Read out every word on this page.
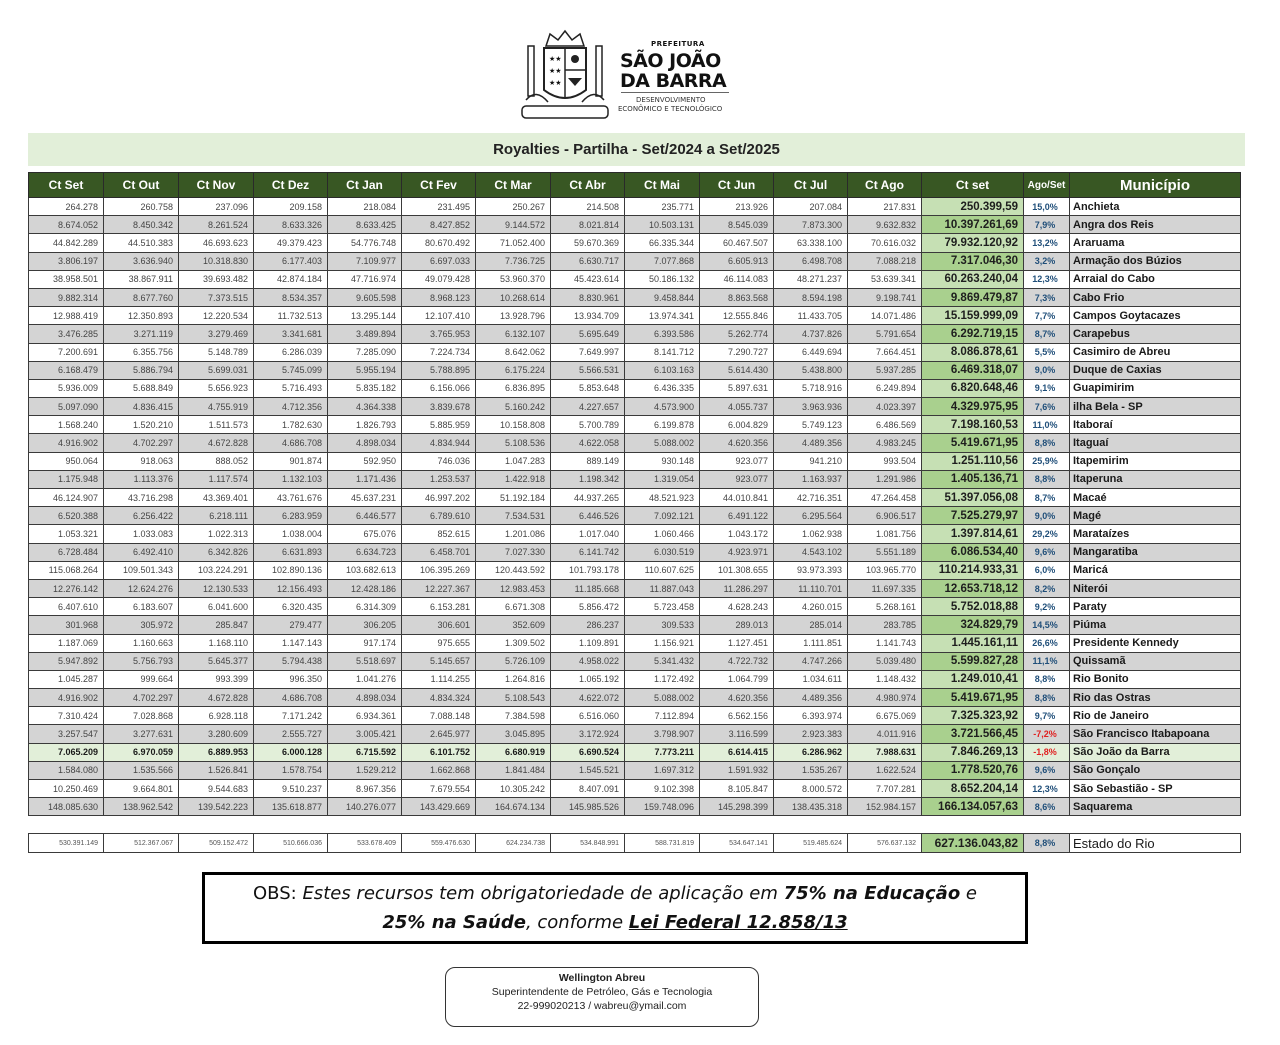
★★
★★
★★
PREFEITURA
SÃO JOÃO
DA BARRA
DESENVOLVIMENTO
ECONÔMICO E TECNOLÓGICO
Royalties - Partilha - Set/2024 a Set/2025
Ct Set	Ct Out	Ct Nov	Ct Dez	Ct Jan	Ct Fev	Ct Mar	Ct Abr	Ct Mai	Ct Jun	Ct Jul	Ct Ago	Ct set	Ago/Set	Município
264.278	260.758	237.096	209.158	218.084	231.495	250.267	214.508	235.771	213.926	207.084	217.831	250.399,59	15,0%	Anchieta
8.674.052	8.450.342	8.261.524	8.633.326	8.633.425	8.427.852	9.144.572	8.021.814	10.503.131	8.545.039	7.873.300	9.632.832	10.397.261,69	7,9%	Angra dos Reis
44.842.289	44.510.383	46.693.623	49.379.423	54.776.748	80.670.492	71.052.400	59.670.369	66.335.344	60.467.507	63.338.100	70.616.032	79.932.120,92	13,2%	Araruama
3.806.197	3.636.940	10.318.830	6.177.403	7.109.977	6.697.033	7.736.725	6.630.717	7.077.868	6.605.913	6.498.708	7.088.218	7.317.046,30	3,2%	Armação dos Búzios
38.958.501	38.867.911	39.693.482	42.874.184	47.716.974	49.079.428	53.960.370	45.423.614	50.186.132	46.114.083	48.271.237	53.639.341	60.263.240,04	12,3%	Arraial do Cabo
9.882.314	8.677.760	7.373.515	8.534.357	9.605.598	8.968.123	10.268.614	8.830.961	9.458.844	8.863.568	8.594.198	9.198.741	9.869.479,87	7,3%	Cabo Frio
12.988.419	12.350.893	12.220.534	11.732.513	13.295.144	12.107.410	13.928.796	13.934.709	13.974.341	12.555.846	11.433.705	14.071.486	15.159.999,09	7,7%	Campos Goytacazes
3.476.285	3.271.119	3.279.469	3.341.681	3.489.894	3.765.953	6.132.107	5.695.649	6.393.586	5.262.774	4.737.826	5.791.654	6.292.719,15	8,7%	Carapebus
7.200.691	6.355.756	5.148.789	6.286.039	7.285.090	7.224.734	8.642.062	7.649.997	8.141.712	7.290.727	6.449.694	7.664.451	8.086.878,61	5,5%	Casimiro de Abreu
6.168.479	5.886.794	5.699.031	5.745.099	5.955.194	5.788.895	6.175.224	5.566.531	6.103.163	5.614.430	5.438.800	5.937.285	6.469.318,07	9,0%	Duque de Caxias
5.936.009	5.688.849	5.656.923	5.716.493	5.835.182	6.156.066	6.836.895	5.853.648	6.436.335	5.897.631	5.718.916	6.249.894	6.820.648,46	9,1%	Guapimirim
5.097.090	4.836.415	4.755.919	4.712.356	4.364.338	3.839.678	5.160.242	4.227.657	4.573.900	4.055.737	3.963.936	4.023.397	4.329.975,95	7,6%	ilha Bela - SP
1.568.240	1.520.210	1.511.573	1.782.630	1.826.793	5.885.959	10.158.808	5.700.789	6.199.878	6.004.829	5.749.123	6.486.569	7.198.160,53	11,0%	Itaboraí
4.916.902	4.702.297	4.672.828	4.686.708	4.898.034	4.834.944	5.108.536	4.622.058	5.088.002	4.620.356	4.489.356	4.983.245	5.419.671,95	8,8%	Itaguaí
950.064	918.063	888.052	901.874	592.950	746.036	1.047.283	889.149	930.148	923.077	941.210	993.504	1.251.110,56	25,9%	Itapemirim
1.175.948	1.113.376	1.117.574	1.132.103	1.171.436	1.253.537	1.422.918	1.198.342	1.319.054	923.077	1.163.937	1.291.986	1.405.136,71	8,8%	Itaperuna
46.124.907	43.716.298	43.369.401	43.761.676	45.637.231	46.997.202	51.192.184	44.937.265	48.521.923	44.010.841	42.716.351	47.264.458	51.397.056,08	8,7%	Macaé
6.520.388	6.256.422	6.218.111	6.283.959	6.446.577	6.789.610	7.534.531	6.446.526	7.092.121	6.491.122	6.295.564	6.906.517	7.525.279,97	9,0%	Magé
1.053.321	1.033.083	1.022.313	1.038.004	675.076	852.615	1.201.086	1.017.040	1.060.466	1.043.172	1.062.938	1.081.756	1.397.814,61	29,2%	Marataízes
6.728.484	6.492.410	6.342.826	6.631.893	6.634.723	6.458.701	7.027.330	6.141.742	6.030.519	4.923.971	4.543.102	5.551.189	6.086.534,40	9,6%	Mangaratiba
115.068.264	109.501.343	103.224.291	102.890.136	103.682.613	106.395.269	120.443.592	101.793.178	110.607.625	101.308.655	93.973.393	103.965.770	110.214.933,31	6,0%	Maricá
12.276.142	12.624.276	12.130.533	12.156.493	12.428.186	12.227.367	12.983.453	11.185.668	11.887.043	11.286.297	11.110.701	11.697.335	12.653.718,12	8,2%	Niterói
6.407.610	6.183.607	6.041.600	6.320.435	6.314.309	6.153.281	6.671.308	5.856.472	5.723.458	4.628.243	4.260.015	5.268.161	5.752.018,88	9,2%	Paraty
301.968	305.972	285.847	279.477	306.205	306.601	352.609	286.237	309.533	289.013	285.014	283.785	324.829,79	14,5%	Piúma
1.187.069	1.160.663	1.168.110	1.147.143	917.174	975.655	1.309.502	1.109.891	1.156.921	1.127.451	1.111.851	1.141.743	1.445.161,11	26,6%	Presidente Kennedy
5.947.892	5.756.793	5.645.377	5.794.438	5.518.697	5.145.657	5.726.109	4.958.022	5.341.432	4.722.732	4.747.266	5.039.480	5.599.827,28	11,1%	Quissamã
1.045.287	999.664	993.399	996.350	1.041.276	1.114.255	1.264.816	1.065.192	1.172.492	1.064.799	1.034.611	1.148.432	1.249.010,41	8,8%	Rio Bonito
4.916.902	4.702.297	4.672.828	4.686.708	4.898.034	4.834.324	5.108.543	4.622.072	5.088.002	4.620.356	4.489.356	4.980.974	5.419.671,95	8,8%	Rio das Ostras
7.310.424	7.028.868	6.928.118	7.171.242	6.934.361	7.088.148	7.384.598	6.516.060	7.112.894	6.562.156	6.393.974	6.675.069	7.325.323,92	9,7%	Rio de Janeiro
3.257.547	3.277.631	3.280.609	2.555.727	3.005.421	2.645.977	3.045.895	3.172.924	3.798.907	3.116.599	2.923.383	4.011.916	3.721.566,45	-7,2%	São Francisco Itabapoana
7.065.209	6.970.059	6.889.953	6.000.128	6.715.592	6.101.752	6.680.919	6.690.524	7.773.211	6.614.415	6.286.962	7.988.631	7.846.269,13	-1,8%	São João da Barra
1.584.080	1.535.566	1.526.841	1.578.754	1.529.212	1.662.868	1.841.484	1.545.521	1.697.312	1.591.932	1.535.267	1.622.524	1.778.520,76	9,6%	São Gonçalo
10.250.469	9.664.801	9.544.683	9.510.237	8.967.356	7.679.554	10.305.242	8.407.091	9.102.398	8.105.847	8.000.572	7.707.281	8.652.204,14	12,3%	São Sebastião - SP
148.085.630	138.962.542	139.542.223	135.618.877	140.276.077	143.429.669	164.674.134	145.985.526	159.748.096	145.298.399	138.435.318	152.984.157	166.134.057,63	8,6%	Saquarema
530.391.149	512.367.067	509.152.472	510.666.036	533.678.409	559.476.630	624.234.738	534.848.991	588.731.819	534.647.141	519.485.624	576.637.132	627.136.043,82	8,8%	Estado do Rio
OBS: Estes recursos tem obrigatoriedade de aplicação em 75% na Educação e
25% na Saúde, conforme Lei Federal 12.858/13
Wellington Abreu
Superintendente de Petróleo, Gás e Tecnologia
22-999020213 / wabreu@ymail.com
